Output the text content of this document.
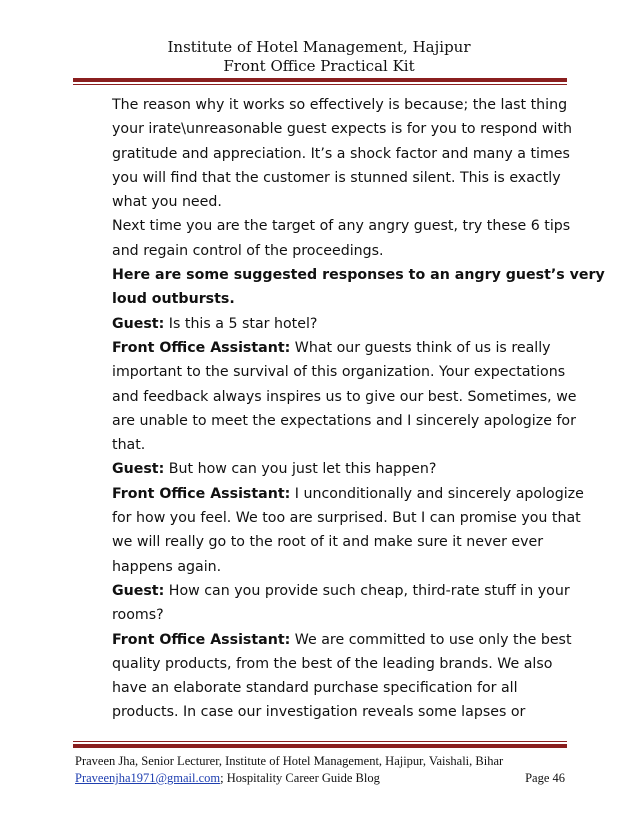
Institute of Hotel Management, Hajipur
Front Office Practical Kit
The reason why it works so effectively is because; the last thing
your irate\unreasonable guest expects is for you to respond with
gratitude and appreciation. It’s a shock factor and many a times
you will find that the customer is stunned silent. This is exactly
what you need.
Next time you are the target of any angry guest, try these 6 tips
and regain control of the proceedings.
Here are some suggested responses to an angry guest’s very
loud outbursts.
Guest: Is this a 5 star hotel?
Front Office Assistant: What our guests think of us is really
important to the survival of this organization. Your expectations
and feedback always inspires us to give our best. Sometimes, we
are unable to meet the expectations and I sincerely apologize for
that.
Guest: But how can you just let this happen?
Front Office Assistant: I unconditionally and sincerely apologize
for how you feel. We too are surprised. But I can promise you that
we will really go to the root of it and make sure it never ever
happens again.
Guest: How can you provide such cheap, third-rate stuff in your
rooms?
Front Office Assistant: We are committed to use only the best
quality products, from the best of the leading brands. We also
have an elaborate standard purchase specification for all
products. In case our investigation reveals some lapses or
Praveen Jha, Senior Lecturer, Institute of Hotel Management, Hajipur, Vaishali, Bihar
Praveenjha1971@gmail.com; Hospitality Career Guide Blog	Page 46
